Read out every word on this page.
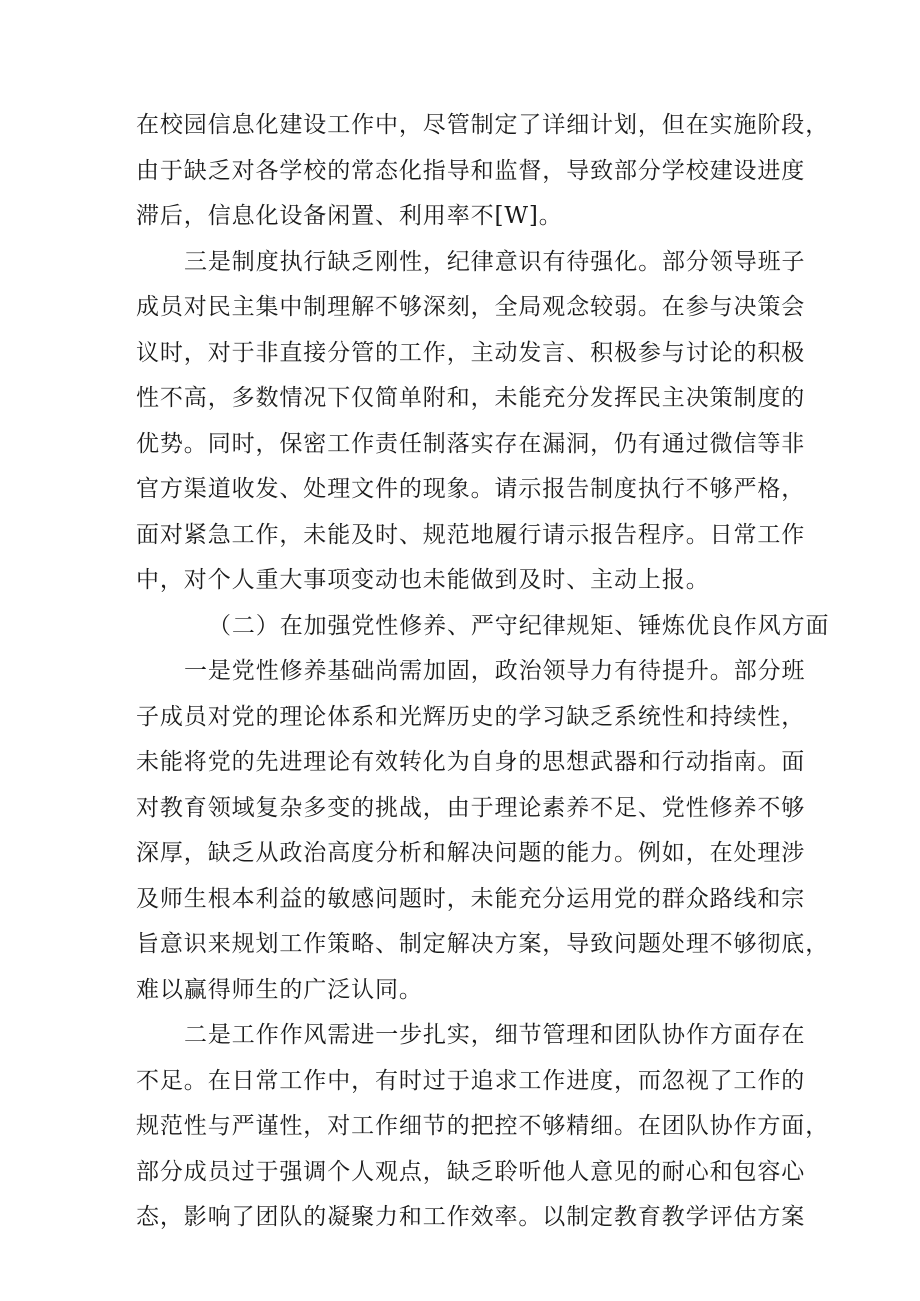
在校园信息化建设工作中，尽管制定了详细计划，但在实施阶段，
由于缺乏对各学校的常态化指导和监督，导致部分学校建设进度
滞后，信息化设备闲置、利用率不[W]。
三是制度执行缺乏刚性，纪律意识有待强化。部分领导班子
成员对民主集中制理解不够深刻，全局观念较弱。在参与决策会
议时，对于非直接分管的工作，主动发言、积极参与讨论的积极
性不高，多数情况下仅简单附和，未能充分发挥民主决策制度的
优势。同时，保密工作责任制落实存在漏洞，仍有通过微信等非
官方渠道收发、处理文件的现象。请示报告制度执行不够严格，
面对紧急工作，未能及时、规范地履行请示报告程序。日常工作
中，对个人重大事项变动也未能做到及时、主动上报。
（二）在加强党性修养、严守纪律规矩、锤炼优良作风方面
一是党性修养基础尚需加固，政治领导力有待提升。部分班
子成员对党的理论体系和光辉历史的学习缺乏系统性和持续性，
未能将党的先进理论有效转化为自身的思想武器和行动指南。面
对教育领域复杂多变的挑战，由于理论素养不足、党性修养不够
深厚，缺乏从政治高度分析和解决问题的能力。例如，在处理涉
及师生根本利益的敏感问题时，未能充分运用党的群众路线和宗
旨意识来规划工作策略、制定解决方案，导致问题处理不够彻底，
难以赢得师生的广泛认同。
二是工作作风需进一步扎实，细节管理和团队协作方面存在
不足。在日常工作中，有时过于追求工作进度，而忽视了工作的
规范性与严谨性，对工作细节的把控不够精细。在团队协作方面，
部分成员过于强调个人观点，缺乏聆听他人意见的耐心和包容心
态，影响了团队的凝聚力和工作效率。以制定教育教学评估方案
